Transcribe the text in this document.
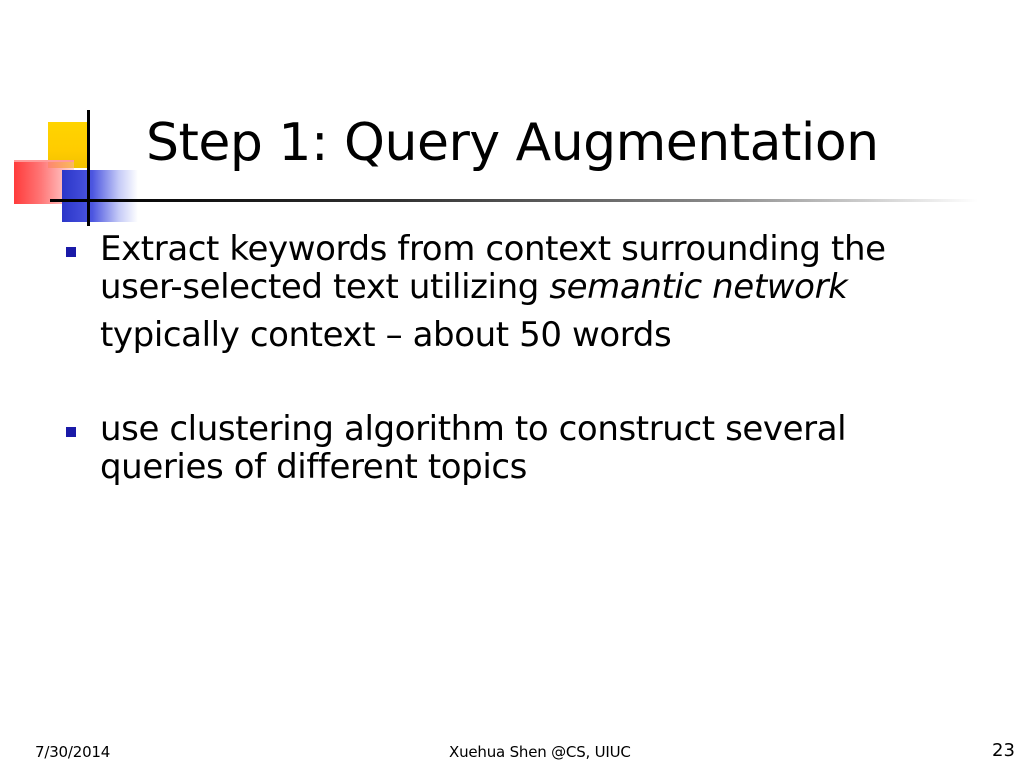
Step 1: Query Augmentation
Extract keywords from context surrounding the user-selected text utilizing semantic network
typically context – about 50 words
use clustering algorithm to construct several queries of different topics
7/30/2014	Xuehua Shen @CS, UIUC	23
